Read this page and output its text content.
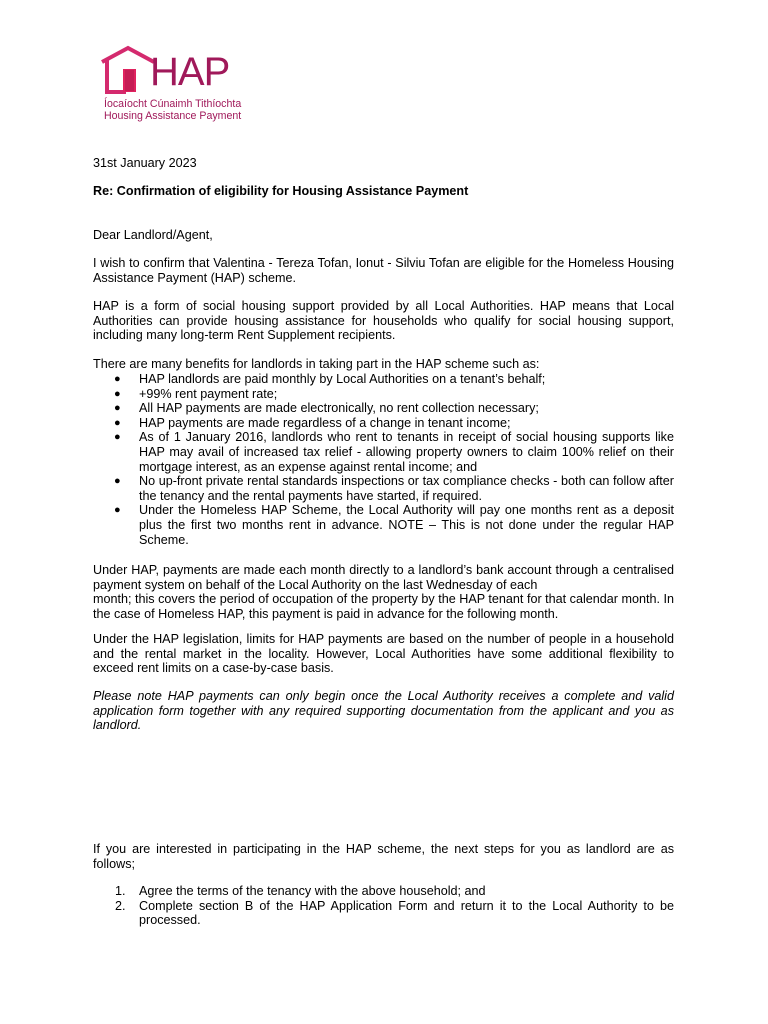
HAP
Íocaíocht Cúnaimh Tithíochta
Housing Assistance Payment

31st January 2023

Re: Confirmation of eligibility for Housing Assistance Payment

Dear Landlord/Agent,

I wish to confirm that Valentina - Tereza Tofan, Ionut - Silviu Tofan are eligible for the Homeless Housing Assistance Payment (HAP) scheme.

HAP is a form of social housing support provided by all Local Authorities. HAP means that Local Authorities can provide housing assistance for households who qualify for social housing support, including many long-term Rent Supplement recipients.

There are many benefits for landlords in taking part in the HAP scheme such as:

● HAP landlords are paid monthly by Local Authorities on a tenant’s behalf;
● +99% rent payment rate;
● All HAP payments are made electronically, no rent collection necessary;
● HAP payments are made regardless of a change in tenant income;
● As of 1 January 2016, landlords who rent to tenants in receipt of social housing supports like HAP may avail of increased tax relief - allowing property owners to claim 100% relief on their mortgage interest, as an expense against rental income; and
● No up-front private rental standards inspections or tax compliance checks - both can follow after the tenancy and the rental payments have started, if required.
● Under the Homeless HAP Scheme, the Local Authority will pay one months rent as a deposit plus the first two months rent in advance. NOTE – This is not done under the regular HAP Scheme.

Under HAP, payments are made each month directly to a landlord’s bank account through a centralised payment system on behalf of the Local Authority on the last Wednesday of each
month; this covers the period of occupation of the property by the HAP tenant for that calendar month. In the case of Homeless HAP, this payment is paid in advance for the following month.

Under the HAP legislation, limits for HAP payments are based on the number of people in a household and the rental market in the locality. However, Local Authorities have some additional flexibility to exceed rent limits on a case-by-case basis.

Please note HAP payments can only begin once the Local Authority receives a complete and valid application form together with any required supporting documentation from the applicant and you as landlord.

If you are interested in participating in the HAP scheme, the next steps for you as landlord are as follows;

1. Agree the terms of the tenancy with the above household; and
2. Complete section B of the HAP Application Form and return it to the Local Authority to be processed.
